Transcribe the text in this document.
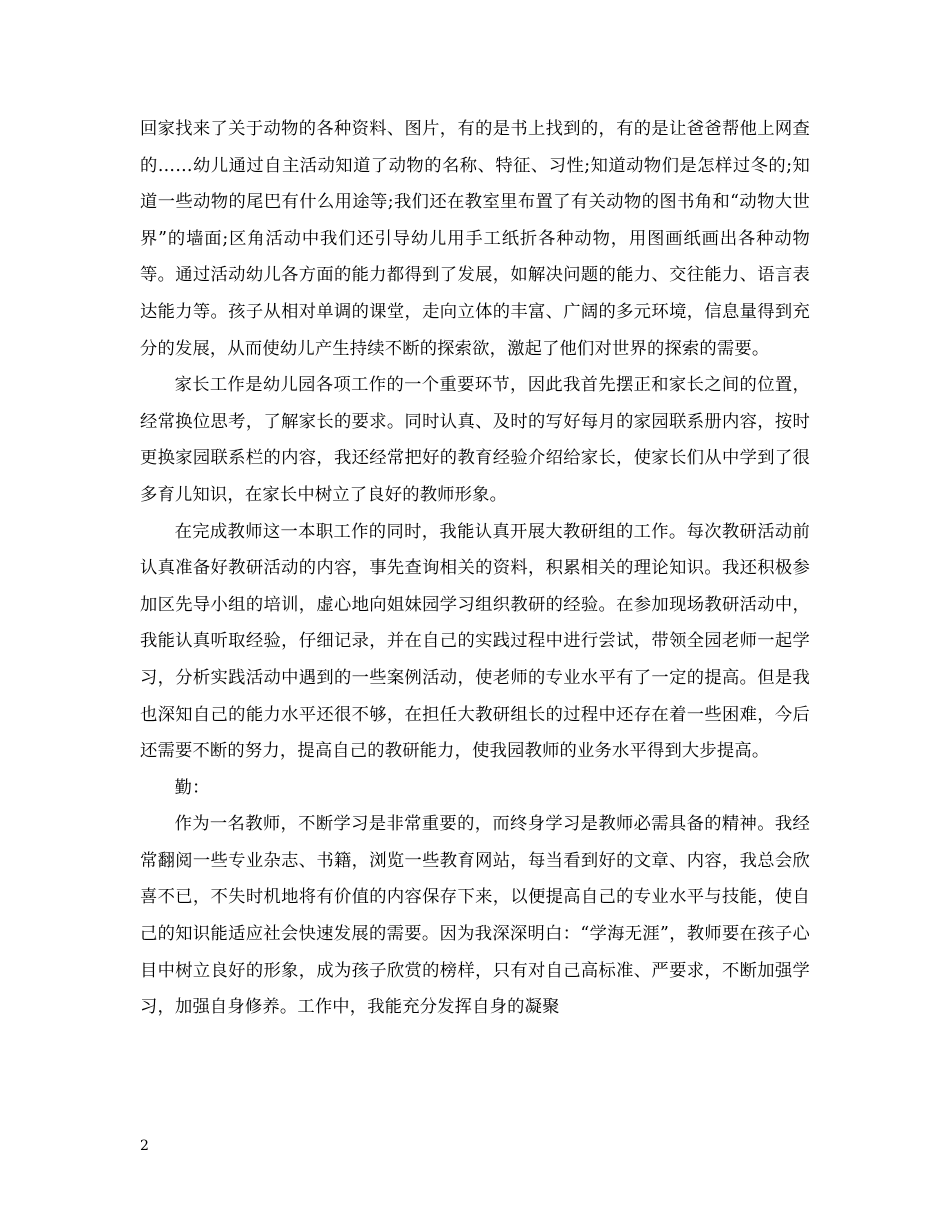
回家找来了关于动物的各种资料、图片，有的是书上找到的，有的是让爸爸帮他上网查的……幼儿通过自主活动知道了动物的名称、特征、习性;知道动物们是怎样过冬的;知道一些动物的尾巴有什么用途等;我们还在教室里布置了有关动物的图书角和“动物大世界”的墙面;区角活动中我们还引导幼儿用手工纸折各种动物，用图画纸画出各种动物等。通过活动幼儿各方面的能力都得到了发展，如解决问题的能力、交往能力、语言表达能力等。孩子从相对单调的课堂，走向立体的丰富、广阔的多元环境，信息量得到充分的发展，从而使幼儿产生持续不断的探索欲，激起了他们对世界的探索的需要。

家长工作是幼儿园各项工作的一个重要环节，因此我首先摆正和家长之间的位置，经常换位思考，了解家长的要求。同时认真、及时的写好每月的家园联系册内容，按时更换家园联系栏的内容，我还经常把好的教育经验介绍给家长，使家长们从中学到了很多育儿知识，在家长中树立了良好的教师形象。

在完成教师这一本职工作的同时，我能认真开展大教研组的工作。每次教研活动前认真准备好教研活动的内容，事先查询相关的资料，积累相关的理论知识。我还积极参加区先导小组的培训，虚心地向姐妹园学习组织教研的经验。在参加现场教研活动中，我能认真听取经验，仔细记录，并在自己的实践过程中进行尝试，带领全园老师一起学习，分析实践活动中遇到的一些案例活动，使老师的专业水平有了一定的提高。但是我也深知自己的能力水平还很不够，在担任大教研组长的过程中还存在着一些困难，今后还需要不断的努力，提高自己的教研能力，使我园教师的业务水平得到大步提高。

勤：

作为一名教师，不断学习是非常重要的，而终身学习是教师必需具备的精神。我经常翻阅一些专业杂志、书籍，浏览一些教育网站，每当看到好的文章、内容，我总会欣喜不已，不失时机地将有价值的内容保存下来，以便提高自己的专业水平与技能，使自己的知识能适应社会快速发展的需要。因为我深深明白：“学海无涯”，教师要在孩子心目中树立良好的形象，成为孩子欣赏的榜样，只有对自己高标准、严要求，不断加强学习，加强自身修养。工作中，我能充分发挥自身的凝聚

2
